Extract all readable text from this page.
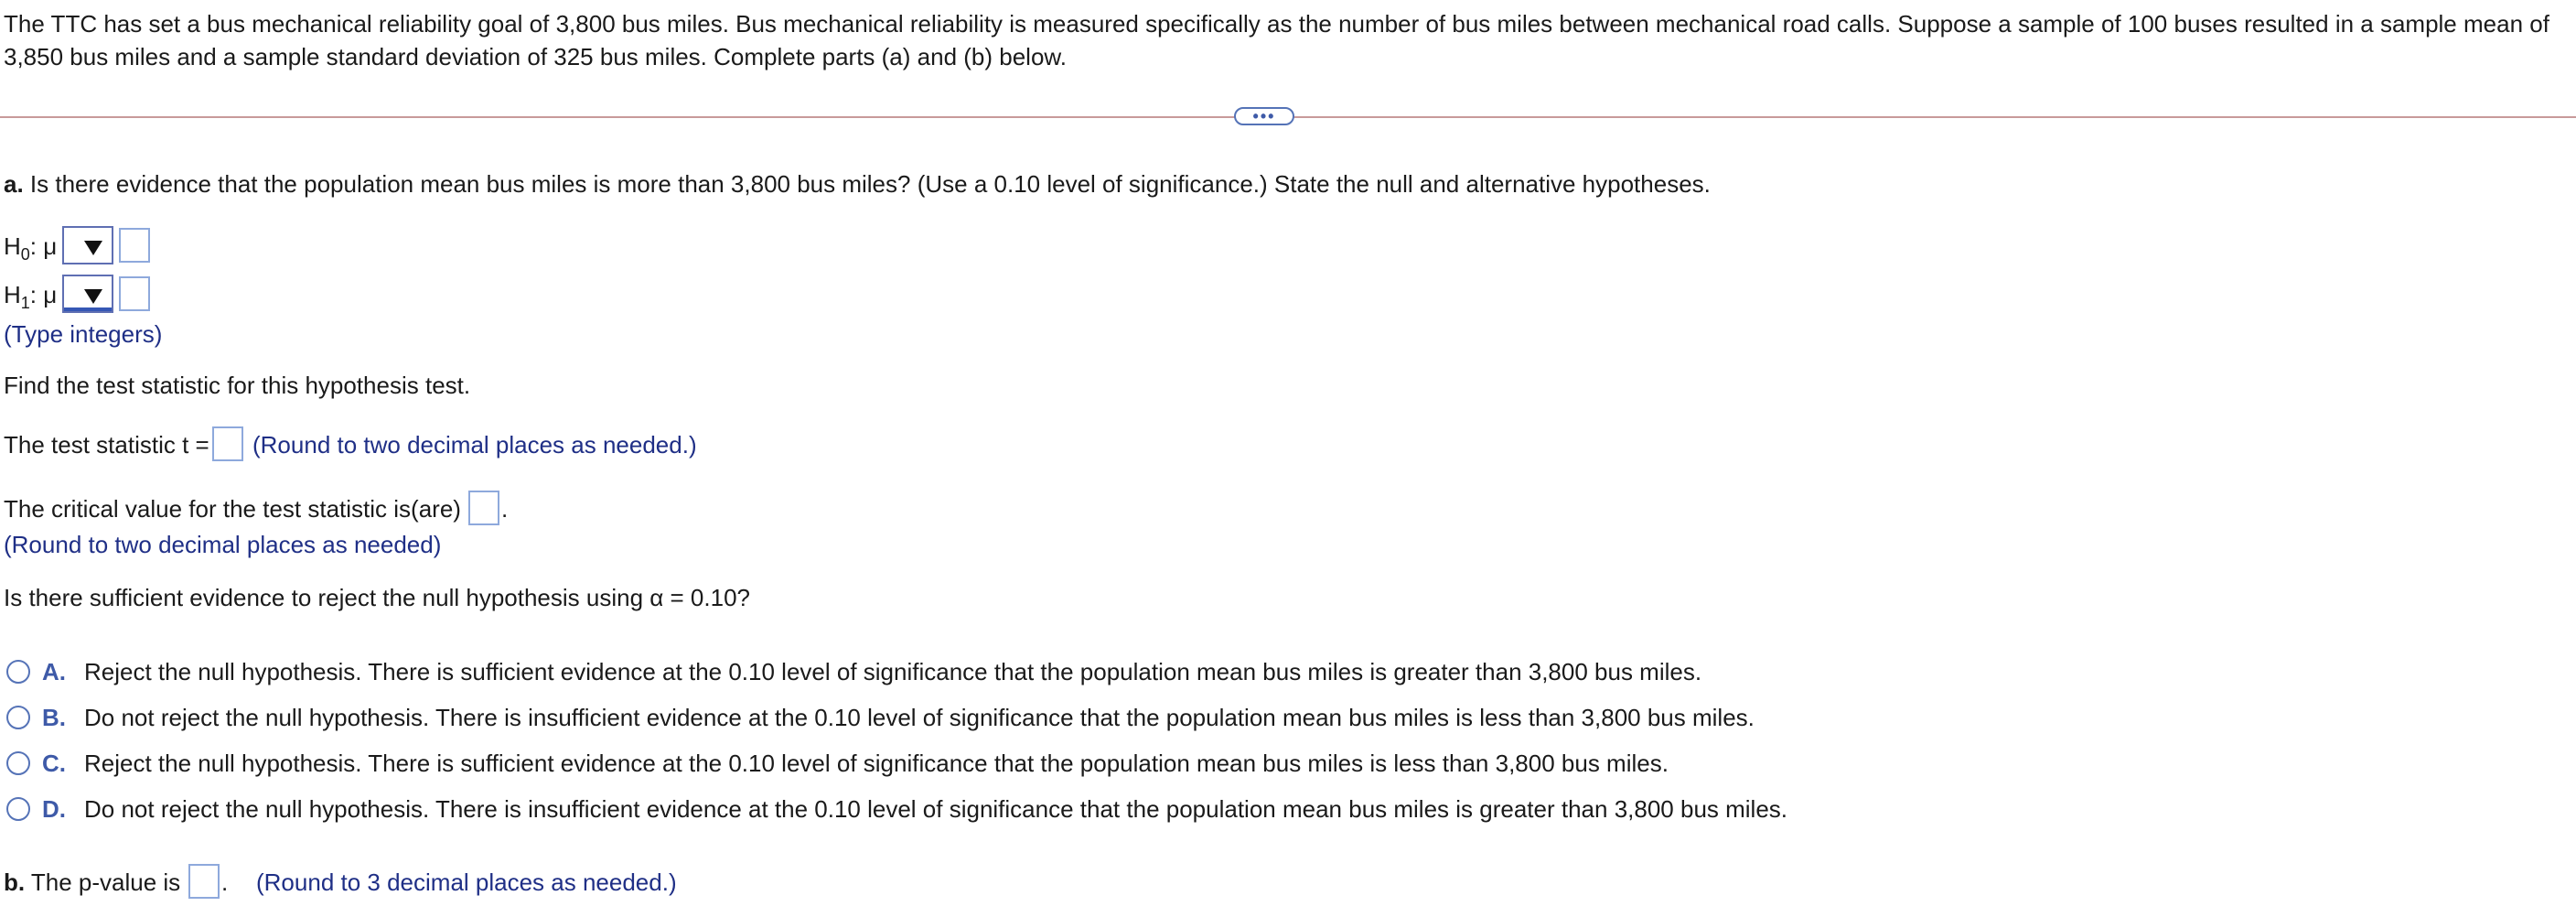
The TTC has set a bus mechanical reliability goal of 3,800 bus miles. Bus mechanical reliability is measured specifically as the number of bus miles between mechanical road calls. Suppose a sample of 100 buses resulted in a sample mean of 3,850 bus miles and a sample standard deviation of 325 bus miles. Complete parts (a) and (b) below.
•••
a. Is there evidence that the population mean bus miles is more than 3,800 bus miles? (Use a 0.10 level of significance.) State the null and alternative hypotheses.
$H_0$: μ
$H_1$: μ
(Type integers)
Find the test statistic for this hypothesis test.
The test statistic t = (Round to two decimal places as needed.)
The critical value for the test statistic is(are) .
(Round to two decimal places as needed)
Is there sufficient evidence to reject the null hypothesis using α = 0.10?
A. Reject the null hypothesis. There is sufficient evidence at the 0.10 level of significance that the population mean bus miles is greater than 3,800 bus miles.
B. Do not reject the null hypothesis. There is insufficient evidence at the 0.10 level of significance that the population mean bus miles is less than 3,800 bus miles.
C. Reject the null hypothesis. There is sufficient evidence at the 0.10 level of significance that the population mean bus miles is less than 3,800 bus miles.
D. Do not reject the null hypothesis. There is insufficient evidence at the 0.10 level of significance that the population mean bus miles is greater than 3,800 bus miles.
b. The p-value is . (Round to 3 decimal places as needed.)
